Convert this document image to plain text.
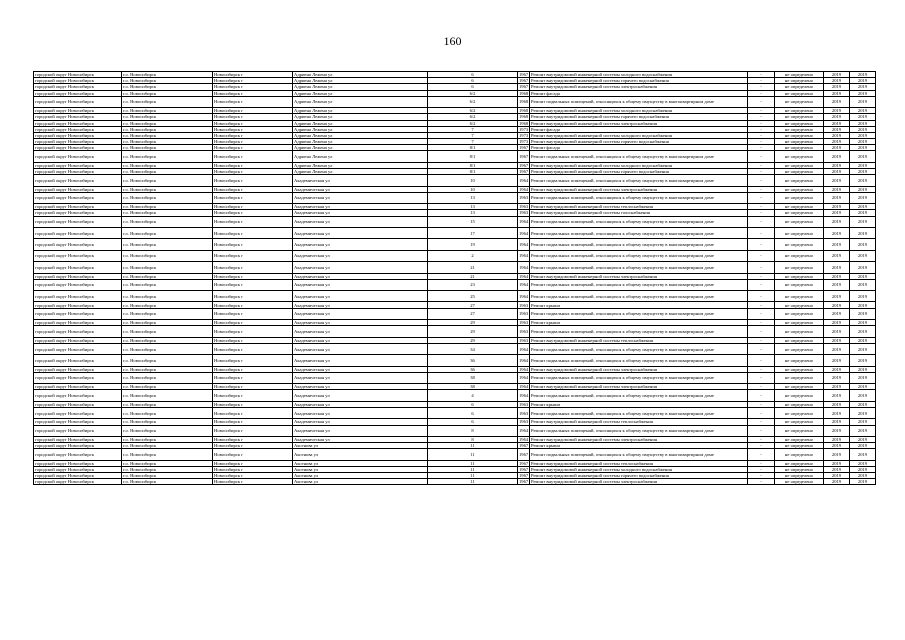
160
городской округ Новосибирск	г.о. Новосибирск	Новосибирск г	Адриена Лежена ул	6	1967	Ремонт внутридомовой инженерной системы холодного водоснабжения	-	не определено	2019	2019
городской округ Новосибирск	г.о. Новосибирск	Новосибирск г	Адриена Лежена ул	6	1967	Ремонт внутридомовой инженерной системы горячего водоснабжения	-	не определено	2019	2019
городской округ Новосибирск	г.о. Новосибирск	Новосибирск г	Адриена Лежена ул	6	1967	Ремонт внутридомовой инженерной системы электроснабжения	-	не определено	2019	2019
городской округ Новосибирск	г.о. Новосибирск	Новосибирск г	Адриена Лежена ул	6/2	1968	Ремонт фасада	-	не определено	2019	2019
городской округ Новосибирск	г.о. Новосибирск	Новосибирск г	Адриена Лежена ул	6/2	1968	Ремонт подвальных помещений, относящихся к общему имуществу в многоквартирном доме	-	не определено	2019	2019
городской округ Новосибирск	г.о. Новосибирск	Новосибирск г	Адриена Лежена ул	6/2	1968	Ремонт внутридомовой инженерной системы холодного водоснабжения	-	не определено	2019	2019
городской округ Новосибирск	г.о. Новосибирск	Новосибирск г	Адриена Лежена ул	6/2	1968	Ремонт внутридомовой инженерной системы горячего водоснабжения	-	не определено	2019	2019
городской округ Новосибирск	г.о. Новосибирск	Новосибирск г	Адриена Лежена ул	6/2	1968	Ремонт внутридомовой инженерной системы электроснабжения	-	не определено	2019	2019
городской округ Новосибирск	г.о. Новосибирск	Новосибирск г	Адриена Лежена ул	7	1973	Ремонт фасада	-	не определено	2019	2019
городской округ Новосибирск	г.о. Новосибирск	Новосибирск г	Адриена Лежена ул	7	1973	Ремонт внутридомовой инженерной системы холодного водоснабжения	-	не определено	2019	2019
городской округ Новосибирск	г.о. Новосибирск	Новосибирск г	Адриена Лежена ул	7	1973	Ремонт внутридомовой инженерной системы горячего водоснабжения	-	не определено	2019	2019
городской округ Новосибирск	г.о. Новосибирск	Новосибирск г	Адриена Лежена ул	8/1	1967	Ремонт фасада	-	не определено	2019	2019
городской округ Новосибирск	г.о. Новосибирск	Новосибирск г	Адриена Лежена ул	8/1	1967	Ремонт подвальных помещений, относящихся к общему имуществу в многоквартирном доме	-	не определено	2019	2019
городской округ Новосибирск	г.о. Новосибирск	Новосибирск г	Адриена Лежена ул	8/1	1967	Ремонт внутридомовой инженерной системы холодного водоснабжения	-	не определено	2019	2019
городской округ Новосибирск	г.о. Новосибирск	Новосибирск г	Адриена Лежена ул	8/1	1967	Ремонт внутридомовой инженерной системы горячего водоснабжения	-	не определено	2019	2019
городской округ Новосибирск	г.о. Новосибирск	Новосибирск г	Академическая ул	10	1964	Ремонт подвальных помещений, относящихся к общему имуществу в многоквартирном доме	-	не определено	2019	2019
городской округ Новосибирск	г.о. Новосибирск	Новосибирск г	Академическая ул	10	1964	Ремонт внутридомовой инженерной системы электроснабжения	-	не определено	2019	2019
городской округ Новосибирск	г.о. Новосибирск	Новосибирск г	Академическая ул	13	1963	Ремонт подвальных помещений, относящихся к общему имуществу в многоквартирном доме	-	не определено	2019	2019
городской округ Новосибирск	г.о. Новосибирск	Новосибирск г	Академическая ул	13	1963	Ремонт внутридомовой инженерной системы теплоснабжения	-	не определено	2019	2019
городской округ Новосибирск	г.о. Новосибирск	Новосибирск г	Академическая ул	13	1963	Ремонт внутридомовой инженерной системы газоснабжения	-	не определено	2019	2019
городской округ Новосибирск	г.о. Новосибирск	Новосибирск г	Академическая ул	15	1964	Ремонт подвальных помещений, относящихся к общему имуществу в многоквартирном доме	-	не определено	2019	2019
городской округ Новосибирск	г.о. Новосибирск	Новосибирск г	Академическая ул	17	1964	Ремонт подвальных помещений, относящихся к общему имуществу в многоквартирном доме	-	не определено	2019	2019
городской округ Новосибирск	г.о. Новосибирск	Новосибирск г	Академическая ул	19	1964	Ремонт подвальных помещений, относящихся к общему имуществу в многоквартирном доме	-	не определено	2019	2019
городской округ Новосибирск	г.о. Новосибирск	Новосибирск г	Академическая ул	2	1964	Ремонт подвальных помещений, относящихся к общему имуществу в многоквартирном доме	-	не определено	2019	2019
городской округ Новосибирск	г.о. Новосибирск	Новосибирск г	Академическая ул	21	1964	Ремонт подвальных помещений, относящихся к общему имуществу в многоквартирном доме	-	не определено	2019	2019
городской округ Новосибирск	г.о. Новосибирск	Новосибирск г	Академическая ул	21	1964	Ремонт внутридомовой инженерной системы электроснабжения	-	не определено	2019	2019
городской округ Новосибирск	г.о. Новосибирск	Новосибирск г	Академическая ул	23	1964	Ремонт подвальных помещений, относящихся к общему имуществу в многоквартирном доме	-	не определено	2019	2019
городской округ Новосибирск	г.о. Новосибирск	Новосибирск г	Академическая ул	25	1964	Ремонт подвальных помещений, относящихся к общему имуществу в многоквартирном доме	-	не определено	2019	2019
городской округ Новосибирск	г.о. Новосибирск	Новосибирск г	Академическая ул	27	1963	Ремонт крыши	-	не определено	2019	2019
городской округ Новосибирск	г.о. Новосибирск	Новосибирск г	Академическая ул	27	1963	Ремонт подвальных помещений, относящихся к общему имуществу в многоквартирном доме	-	не определено	2019	2019
городской округ Новосибирск	г.о. Новосибирск	Новосибирск г	Академическая ул	29	1963	Ремонт крыши	-	не определено	2019	2019
городской округ Новосибирск	г.о. Новосибирск	Новосибирск г	Академическая ул	29	1963	Ремонт подвальных помещений, относящихся к общему имуществу в многоквартирном доме	-	не определено	2019	2019
городской округ Новосибирск	г.о. Новосибирск	Новосибирск г	Академическая ул	29	1963	Ремонт внутридомовой инженерной системы теплоснабжения	-	не определено	2019	2019
городской округ Новосибирск	г.о. Новосибирск	Новосибирск г	Академическая ул	34	1964	Ремонт подвальных помещений, относящихся к общему имуществу в многоквартирном доме	-	не определено	2019	2019
городской округ Новосибирск	г.о. Новосибирск	Новосибирск г	Академическая ул	36	1964	Ремонт подвальных помещений, относящихся к общему имуществу в многоквартирном доме	-	не определено	2019	2019
городской округ Новосибирск	г.о. Новосибирск	Новосибирск г	Академическая ул	36	1964	Ремонт внутридомовой инженерной системы электроснабжения	-	не определено	2019	2019
городской округ Новосибирск	г.о. Новосибирск	Новосибирск г	Академическая ул	38	1964	Ремонт подвальных помещений, относящихся к общему имуществу в многоквартирном доме	-	не определено	2019	2019
городской округ Новосибирск	г.о. Новосибирск	Новосибирск г	Академическая ул	38	1964	Ремонт внутридомовой инженерной системы электроснабжения	-	не определено	2019	2019
городской округ Новосибирск	г.о. Новосибирск	Новосибирск г	Академическая ул	4	1964	Ремонт подвальных помещений, относящихся к общему имуществу в многоквартирном доме	-	не определено	2019	2019
городской округ Новосибирск	г.о. Новосибирск	Новосибирск г	Академическая ул	6	1963	Ремонт крыши	-	не определено	2019	2019
городской округ Новосибирск	г.о. Новосибирск	Новосибирск г	Академическая ул	6	1963	Ремонт подвальных помещений, относящихся к общему имуществу в многоквартирном доме	-	не определено	2019	2019
городской округ Новосибирск	г.о. Новосибирск	Новосибирск г	Академическая ул	6	1963	Ремонт внутридомовой инженерной системы теплоснабжения	-	не определено	2019	2019
городской округ Новосибирск	г.о. Новосибирск	Новосибирск г	Академическая ул	8	1964	Ремонт подвальных помещений, относящихся к общему имуществу в многоквартирном доме	-	не определено	2019	2019
городской округ Новосибирск	г.о. Новосибирск	Новосибирск г	Академическая ул	8	1964	Ремонт внутридомовой инженерной системы электроснабжения	-	не определено	2019	2019
городской округ Новосибирск	г.о. Новосибирск	Новосибирск г	Аксенова ул	11	1967	Ремонт крыши	-	не определено	2019	2019
городской округ Новосибирск	г.о. Новосибирск	Новосибирск г	Аксенова ул	11	1967	Ремонт подвальных помещений, относящихся к общему имуществу в многоквартирном доме	-	не определено	2019	2019
городской округ Новосибирск	г.о. Новосибирск	Новосибирск г	Аксенова ул	11	1967	Ремонт внутридомовой инженерной системы теплоснабжения	-	не определено	2019	2019
городской округ Новосибирск	г.о. Новосибирск	Новосибирск г	Аксенова ул	11	1967	Ремонт внутридомовой инженерной системы холодного водоснабжения	-	не определено	2019	2019
городской округ Новосибирск	г.о. Новосибирск	Новосибирск г	Аксенова ул	11	1967	Ремонт внутридомовой инженерной системы горячего водоснабжения	-	не определено	2019	2019
городской округ Новосибирск	г.о. Новосибирск	Новосибирск г	Аксенова ул	11	1967	Ремонт внутридомовой инженерной системы электроснабжения	-	не определено	2019	2019
